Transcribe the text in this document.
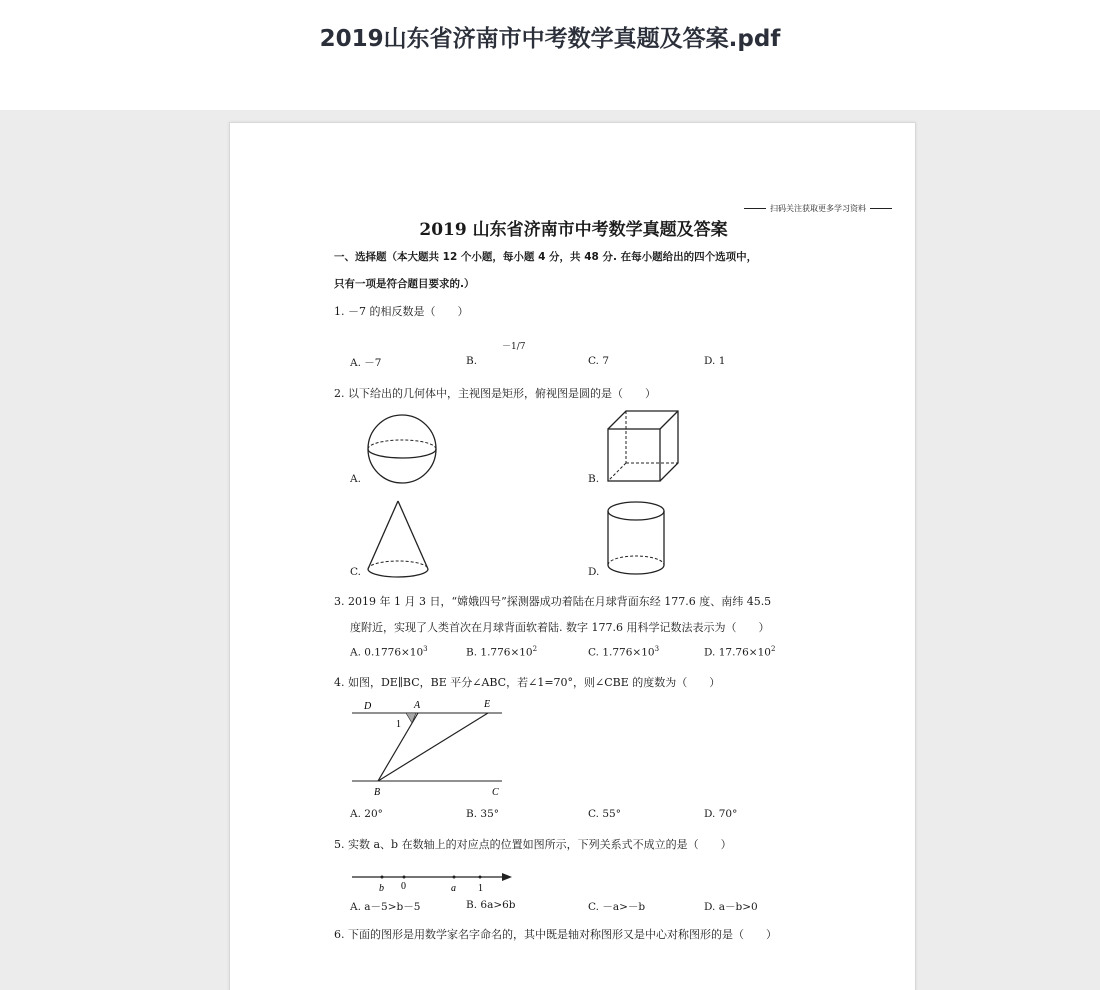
2019山东省济南市中考数学真题及答案.pdf
扫码关注获取更多学习资料
2019 山东省济南市中考数学真题及答案
一、选择题（本大题共 12 个小题，每小题 4 分，共 48 分. 在每小题给出的四个选项中，
只有一项是符合题目要求的.）
1. －7 的相反数是（　　）
A. －7	B.
－1/7
C. 7	D. 1
2. 以下给出的几何体中，主视图是矩形，俯视图是圆的是（　　）
A.	B.
C.	D.
3. 2019 年 1 月 3 日，“嫦娥四号”探测器成功着陆在月球背面东经 177.6 度、南纬 45.5
度附近，实现了人类首次在月球背面软着陆. 数字 177.6 用科学记数法表示为（　　）
A. $0.1776\times 10^3$	B. $1.776\times 10^2$	C. $1.776\times 10^3$	D. $17.76\times 10^2$
4. 如图，DE∥BC，BE 平分∠ABC，若∠1=70°，则∠CBE 的度数为（　　）
D	A	E
1
B	C
A. 20°	B. 35°	C. 55°	D. 70°
5. 实数 a、b 在数轴上的对应点的位置如图所示，下列关系式不成立的是（　　）
b 0	a 1
A. a－5>b－5	B. 6a>6b	C. －a>－b	D. a－b>0
6. 下面的图形是用数学家名字命名的，其中既是轴对称图形又是中心对称图形的是（　　）
